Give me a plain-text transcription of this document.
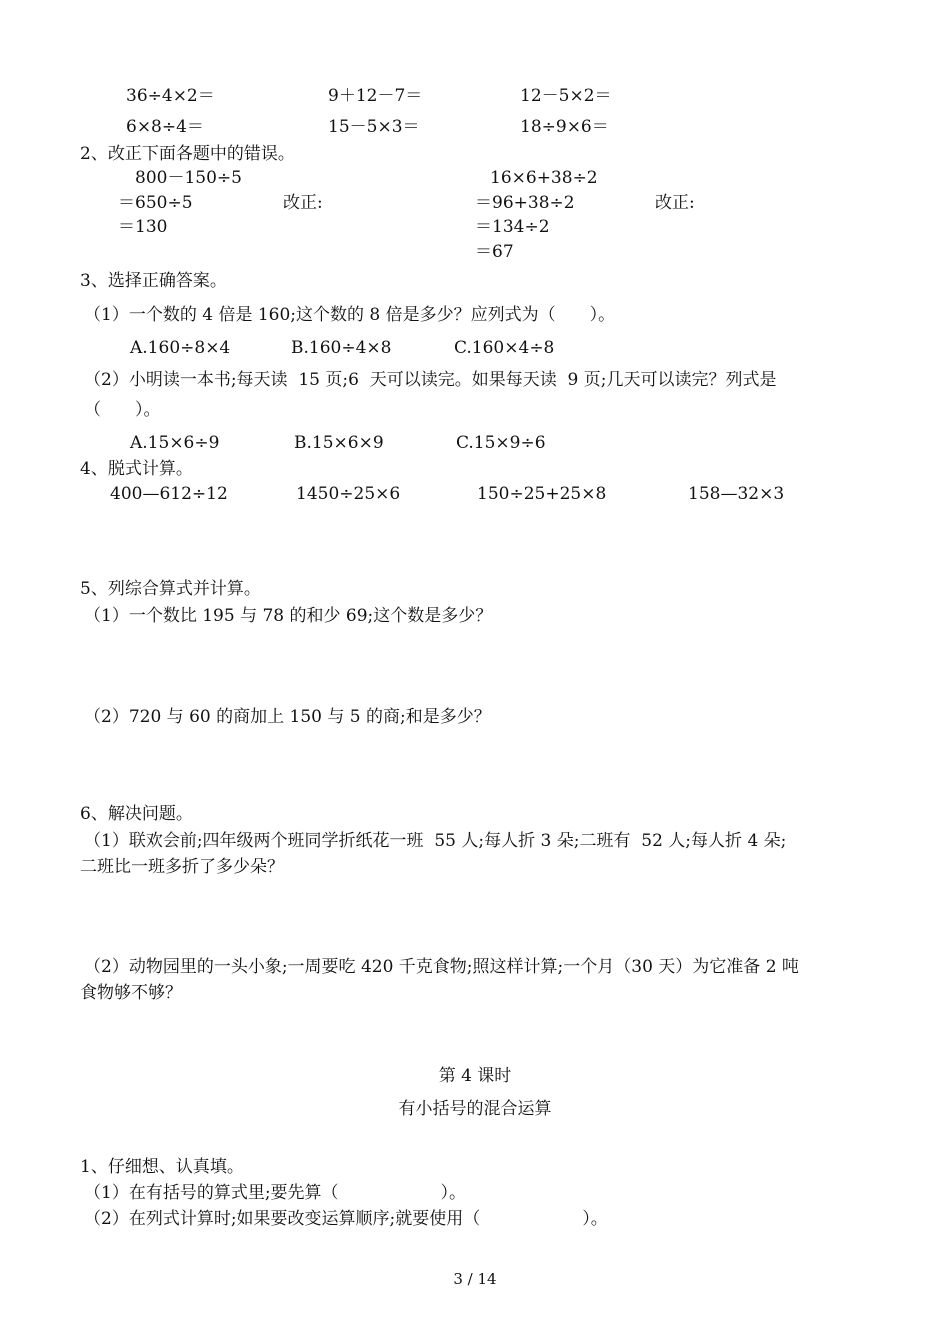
36÷4×2＝	9＋12－7＝	12－5×2＝
6×8÷4＝	15－5×3＝	18÷9×6＝
2、改正下面各题中的错误。
800－150÷5
＝650÷5
＝130
改正:
16×6+38÷2
＝96+38÷2
＝134÷2
＝67
改正:
3、选择正确答案。
（1）一个数的 4 倍是 160;这个数的 8 倍是多少？应列式为（　　）。
A.160÷8×4	B.160÷4×8	C.160×4÷8
（2）小明读一本书;每天读  15 页;6  天可以读完。如果每天读  9 页;几天可以读完？列式是
（　　）。
A.15×6÷9	B.15×6×9	C.15×9÷6
4、脱式计算。
400—612÷12	1450÷25×6	150÷25+25×8	158—32×3
5、列综合算式并计算。
（1）一个数比 195 与 78 的和少 69;这个数是多少？
（2）720 与 60 的商加上 150 与 5 的商;和是多少？
6、解决问题。
（1）联欢会前;四年级两个班同学折纸花一班  55 人;每人折 3 朵;二班有  52 人;每人折 4 朵;
二班比一班多折了多少朵？
（2）动物园里的一头小象;一周要吃 420 千克食物;照这样计算;一个月（30 天）为它准备 2 吨
食物够不够？
第 4 课时
有小括号的混合运算
1、仔细想、认真填。
（1）在有括号的算式里;要先算（　　　　　　）。
（2）在列式计算时;如果要改变运算顺序;就要使用（　　　　　　）。
3 / 14
